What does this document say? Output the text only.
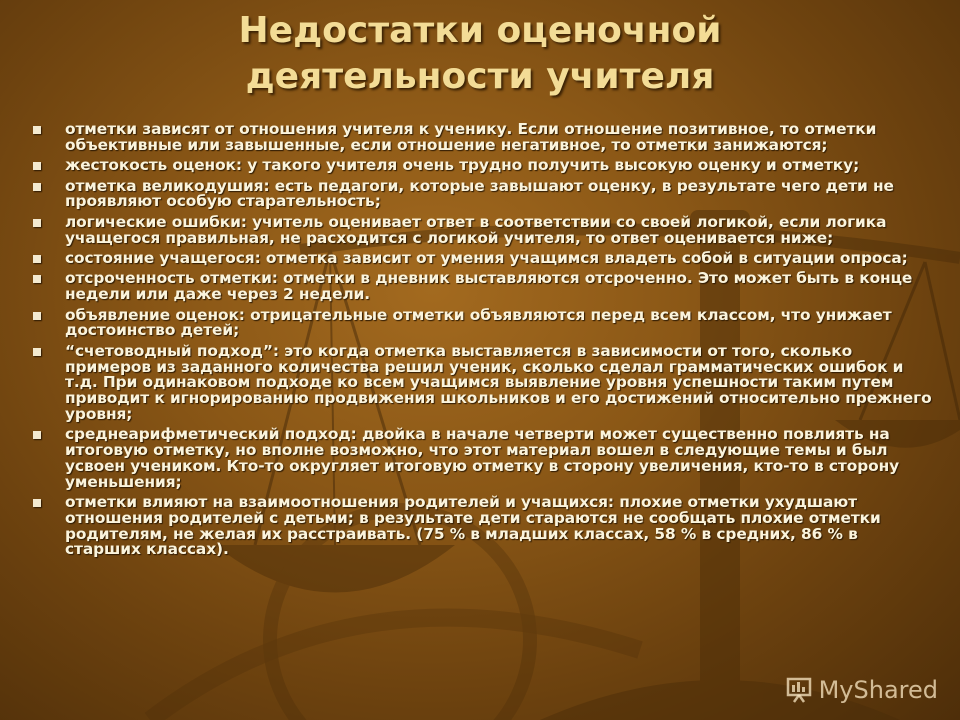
Недостатки оценочной деятельности учителя
отметки зависят от отношения учителя к ученику. Если отношение позитивное, то отметки объективные или завышенные, если отношение негативное, то отметки занижаются;
жестокость оценок: у такого учителя очень трудно получить высокую оценку и отметку;
отметка великодушия: есть педагоги, которые завышают оценку, в результате чего дети не проявляют особую старательность;
логические ошибки: учитель оценивает ответ в соответствии со своей логикой, если логика учащегося правильная, не расходится с логикой учителя, то ответ оценивается ниже;
состояние учащегося: отметка зависит от умения учащимся владеть собой в ситуации опроса;
отсроченность отметки: отметки в дневник выставляются отсроченно. Это может быть в конце недели или даже через 2 недели.
объявление оценок: отрицательные отметки объявляются перед всем классом, что унижает достоинство детей;
“счетоводный подход”: это когда отметка выставляется в зависимости от того, сколько примеров из заданного количества решил ученик, сколько сделал грамматических ошибок и т.д. При одинаковом подходе ко всем учащимся выявление уровня успешности таким путем приводит к игнорированию продвижения школьников и его достижений относительно прежнего уровня;
среднеарифметический подход: двойка в начале четверти может существенно повлиять на итоговую отметку, но вполне возможно, что этот материал вошел в следующие темы и был усвоен учеником. Кто-то округляет итоговую отметку в сторону увеличения, кто-то в сторону уменьшения;
отметки влияют на взаимоотношения родителей и учащихся: плохие отметки ухудшают отношения родителей с детьми; в результате дети стараются не сообщать плохие отметки родителям, не желая их расстраивать. (75 % в младших классах, 58 % в средних, 86 % в старших классах).
MyShared
